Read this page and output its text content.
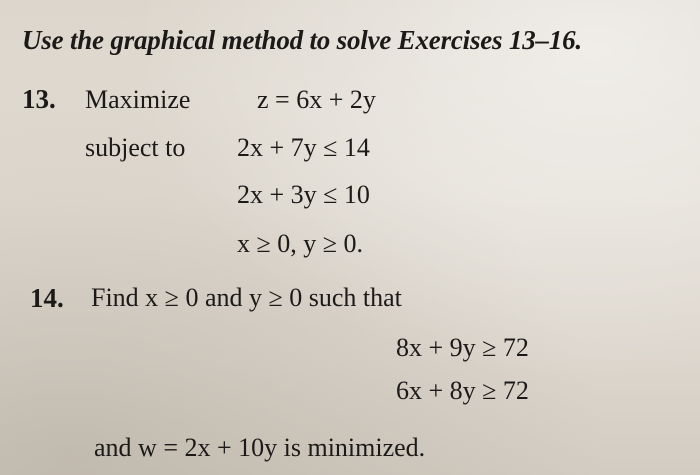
Use the graphical method to solve Exercises 13–16.
13. Maximize	z = 6x + 2y
subject to 2x + 7y ≤ 14
2x + 3y ≤ 10
x ≥ 0, y ≥ 0.
14. Find x ≥ 0 and y ≥ 0 such that
8x + 9y ≥ 72
6x + 8y ≥ 72
and w = 2x + 10y is minimized.
